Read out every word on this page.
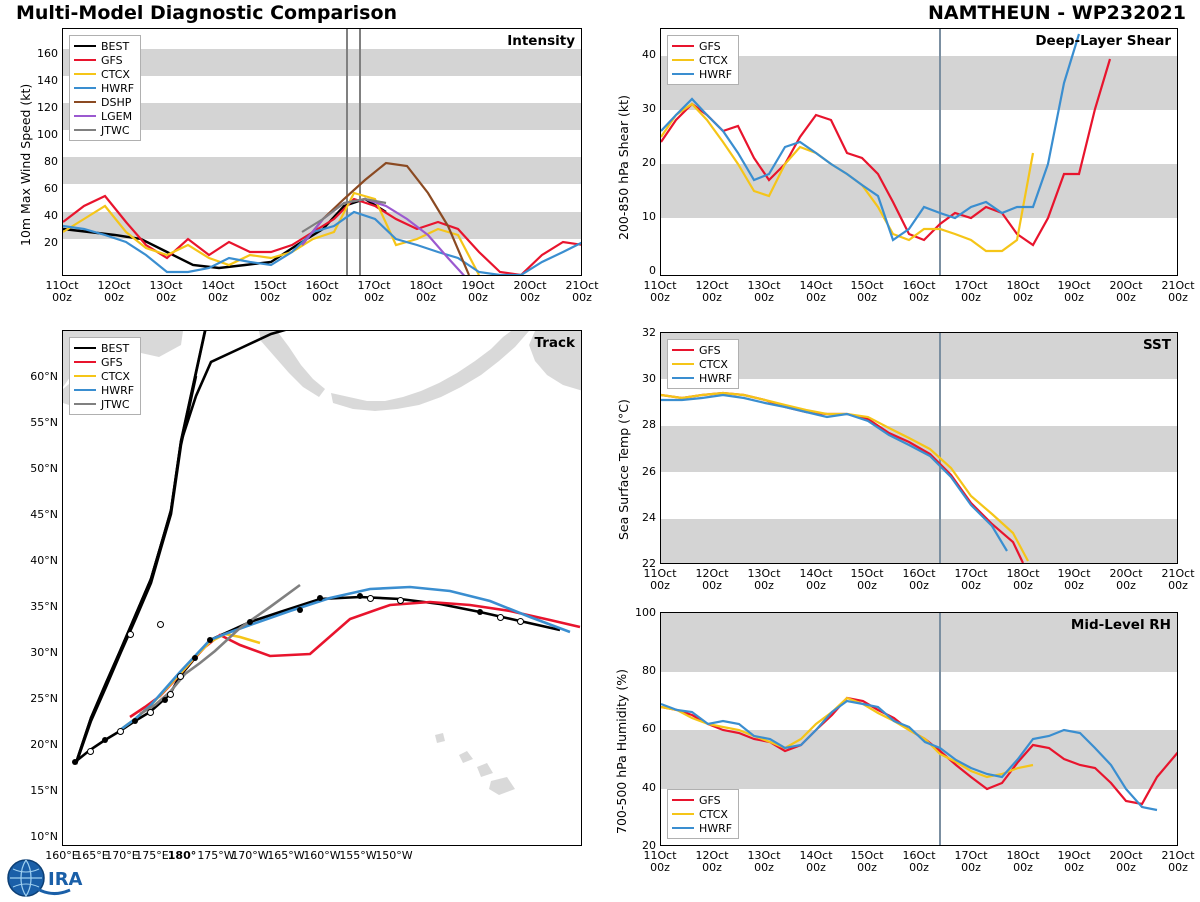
Multi-Model Diagnostic Comparison	NAMTHEUN - WP232021
Intensity
BEST
GFS
CTCX
HWRF
DSHP
LGEM
JTWC
10m Max Wind Speed (kt)	20
40
60
80
100
120
140
160
11Oct
00z
12Oct
00z
13Oct
00z
14Oct
00z
15Oct
00z
16Oct
00z
17Oct
00z
18Oct
00z
19Oct
00z
20Oct
00z
21Oct
00z
Track
BEST
GFS
CTCX
HWRF
JTWC
60°N
55°N
50°N
45°N
40°N
35°N
30°N
25°N
20°N
15°N
10°N
160°E
165°E
170°E
175°E 180° 175°W
170°W
165°W
160°W
155°W
150°W
Deep-Layer Shear
GFS
CTCX
HWRF
200-850 hPa Shear (kt)
0
10
20
30
40
11Oct
00z
12Oct
00z
13Oct
00z
14Oct
00z
15Oct
00z
16Oct
00z
17Oct
00z
18Oct
00z
19Oct
00z
20Oct
00z
21Oct
00z
SST
GFS
CTCX
HWRF
Sea Surface Temp (°C)
22
24
26
28
30
32
11Oct
00z
12Oct
00z
13Oct
00z
14Oct
00z
15Oct
00z
16Oct
00z
17Oct
00z
18Oct
00z
19Oct
00z
20Oct
00z
21Oct
00z
Mid-Level RH
GFS
CTCX
HWRF
700-500 hPa Humidity (%)
20
40
60
80
100
11Oct
00z
12Oct
00z
13Oct
00z
14Oct
00z
15Oct
00z
16Oct
00z
17Oct
00z
18Oct
00z
19Oct
00z
20Oct
00z
21Oct
00z
IRA
